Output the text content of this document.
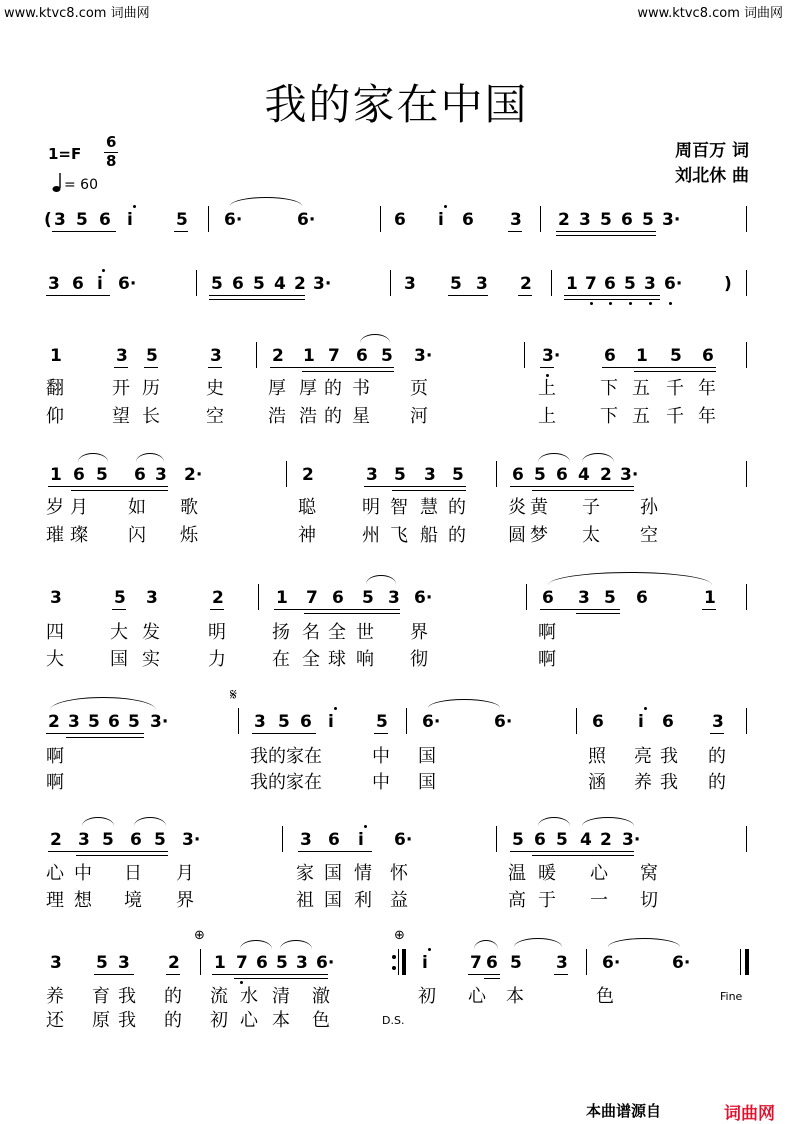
www.ktvc8.com 词曲网	www.ktvc8.com 词曲网
我的家在中国
1=F
6
8
= 60
周百万 词
刘北休 曲
( 3 5 6 i	5 6·	6·	6 i 6 3 2 3 5 6 5 3·
3 6 i 6·	5 6 5 4 2 3·	3 5 3 2 1 7 6 5 3 6· )
1	3 5	3	2 1 7 6 5 3·	3·	6 1 5 6
翻	开 历	史 厚 厚 的 书 页	上 下 五 千 年
仰	望 长	空 浩 浩 的 星 河	上 下 五 千 年
1 6 5 6 3 2·	2	3 5 3 5	6 5 6 4 2 3·
岁 月 如 歌	聪	明 智 慧 的 炎 黄 子 孙
璀 璨 闪 烁	神	州 飞 船 的 圆 梦 太 空
3	5 3	2	1 7 6 5 3 6·	6 3 5 6	1
四	大 发	明	扬 名 全 世 界	啊
大	国 实	力	在 全 球 响 彻	啊
2 3 5 6 5 3·
𝄋
3 5 6 i 5 6·	6·	6 i 6 3
啊	我的家在	中 国	照 亮 我 的
啊	我的家在	中 国	涵 养 我 的
2 3 5 6 5 3·	3 6 i 6·	5 6 5 4 2 3·
心 中 日 月	家 国 情 怀	温 暖 心 窝
理 想 境 界	祖 国 利 益	高 于 一 切
3 5 3 2
⊕
1 7 6 5 3 6·
⊕
i 7 6 5 3 6·	6·
养 育 我 的 流 水 清 澈	初 心 本	色	Fine
还 原 我 的 初 心 本 色	D.S.
本曲谱源自	词曲网
